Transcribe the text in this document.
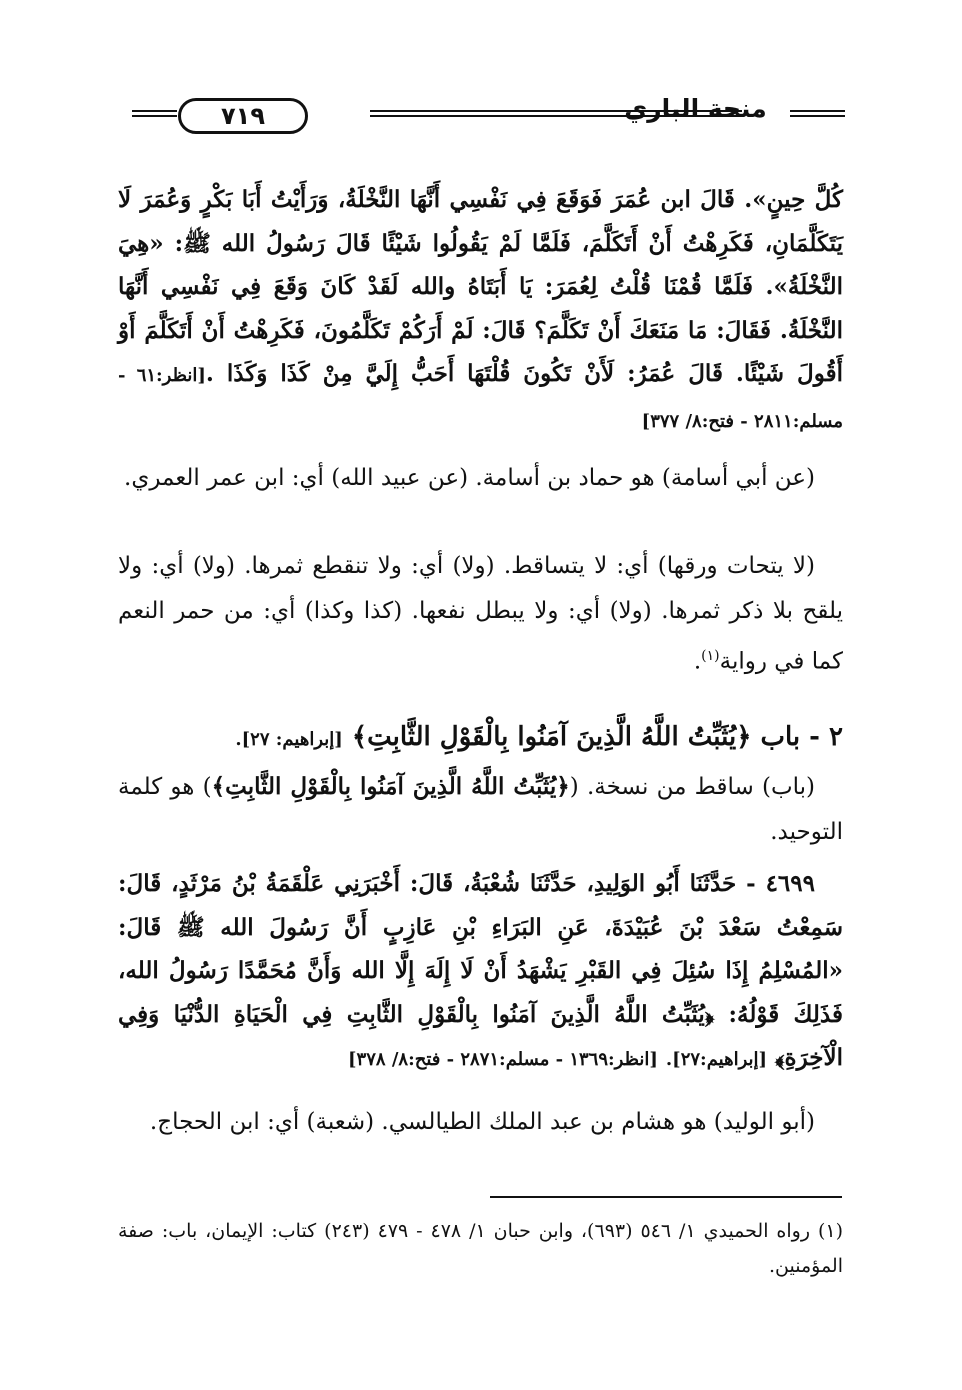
٧١٩	منحة الباري

كُلَّ حِينٍ». قَالَ ابن عُمَرَ فَوَقَعَ فِي نَفْسِي أَنَّهَا النَّخْلَةُ، وَرَأَيْتُ أَبَا بَكْرٍ وَعُمَرَ لَا يَتَكَلَّمَانِ، فَكَرِهْتُ أَنْ أَتَكَلَّمَ، فَلَمَّا لَمْ يَقُولُوا شَيْئًا قَالَ رَسُولُ الله ﷺ: «هِيَ النَّخْلَةُ». فَلَمَّا قُمْنَا قُلْتُ لِعُمَرَ: يَا أَبَتَاهُ والله لَقَدْ كَانَ وَقَعَ فِي نَفْسِي أَنَّهَا النَّخْلَةُ. فَقَالَ: مَا مَنَعَكَ أَنْ تَكَلَّمَ؟ قَالَ: لَمْ أَرَكُمْ تَكَلَّمُونَ، فَكَرِهْتُ أَنْ أَتَكَلَّمَ أَوْ أَقُولَ شَيْئًا. قَالَ عُمَرُ: لَأَنْ تَكُونَ قُلْتَهَا أَحَبُّ إِلَيَّ مِنْ كَذَا وَكَذَا .[انظر:٦١ - مسلم:٢٨١١ - فتح:٨/ ٣٧٧]

(عن أبي أسامة) هو حماد بن أسامة. (عن عبيد الله) أي: ابن عمر العمري.

(لا يتحات ورقها) أي: لا يتساقط. (ولا) أي: ولا تنقطع ثمرها. (ولا) أي: ولا يلقح بلا ذكر ثمرها. (ولا) أي: ولا يبطل نفعها. (كذا وكذا) أي: من حمر النعم كما في رواية$^{(١)}$.

٢ - باب ﴿يُثَبِّتُ اللَّهُ الَّذِينَ آمَنُوا بِالْقَوْلِ الثَّابِتِ﴾ [إبراهيم: ٢٧].

(باب) ساقط من نسخة. (﴿يُثَبِّتُ اللَّهُ الَّذِينَ آمَنُوا بِالْقَوْلِ الثَّابِتِ﴾) هو كلمة التوحيد.

٤٦٩٩ - حَدَّثَنَا أَبُو الوَلِيدِ، حَدَّثَنَا شُعْبَةُ، قَالَ: أَخْبَرَنِي عَلْقَمَةُ بْنُ مَرْثَدٍ، قَالَ: سَمِعْتُ سَعْدَ بْنَ عُبَيْدَةَ، عَنِ البَرَاءِ بْنِ عَازِبٍ أَنَّ رَسُولَ الله ﷺ قَالَ: «المُسْلِمُ إِذَا سُئِلَ فِي القَبْرِ يَشْهَدُ أَنْ لَا إِلَهَ إِلَّا الله وَأَنَّ مُحَمَّدًا رَسُولُ الله، فَذَلِكَ قَوْلُهُ: ﴿يُثَبِّتُ اللَّهُ الَّذِينَ آمَنُوا بِالْقَوْلِ الثَّابِتِ فِي الْحَيَاةِ الدُّنْيَا وَفِي الْآخِرَةِ﴾ [إبراهيم:٢٧]. [انظر:١٣٦٩ - مسلم:٢٨٧١ - فتح:٨/ ٣٧٨]

(أبو الوليد) هو هشام بن عبد الملك الطيالسي. (شعبة) أي: ابن الحجاج.

(١) رواه الحميدي ١/ ٥٤٦ (٦٩٣)، وابن حبان ١/ ٤٧٨ - ٤٧٩ (٢٤٣) كتاب: الإيمان، باب: صفة المؤمنين.
